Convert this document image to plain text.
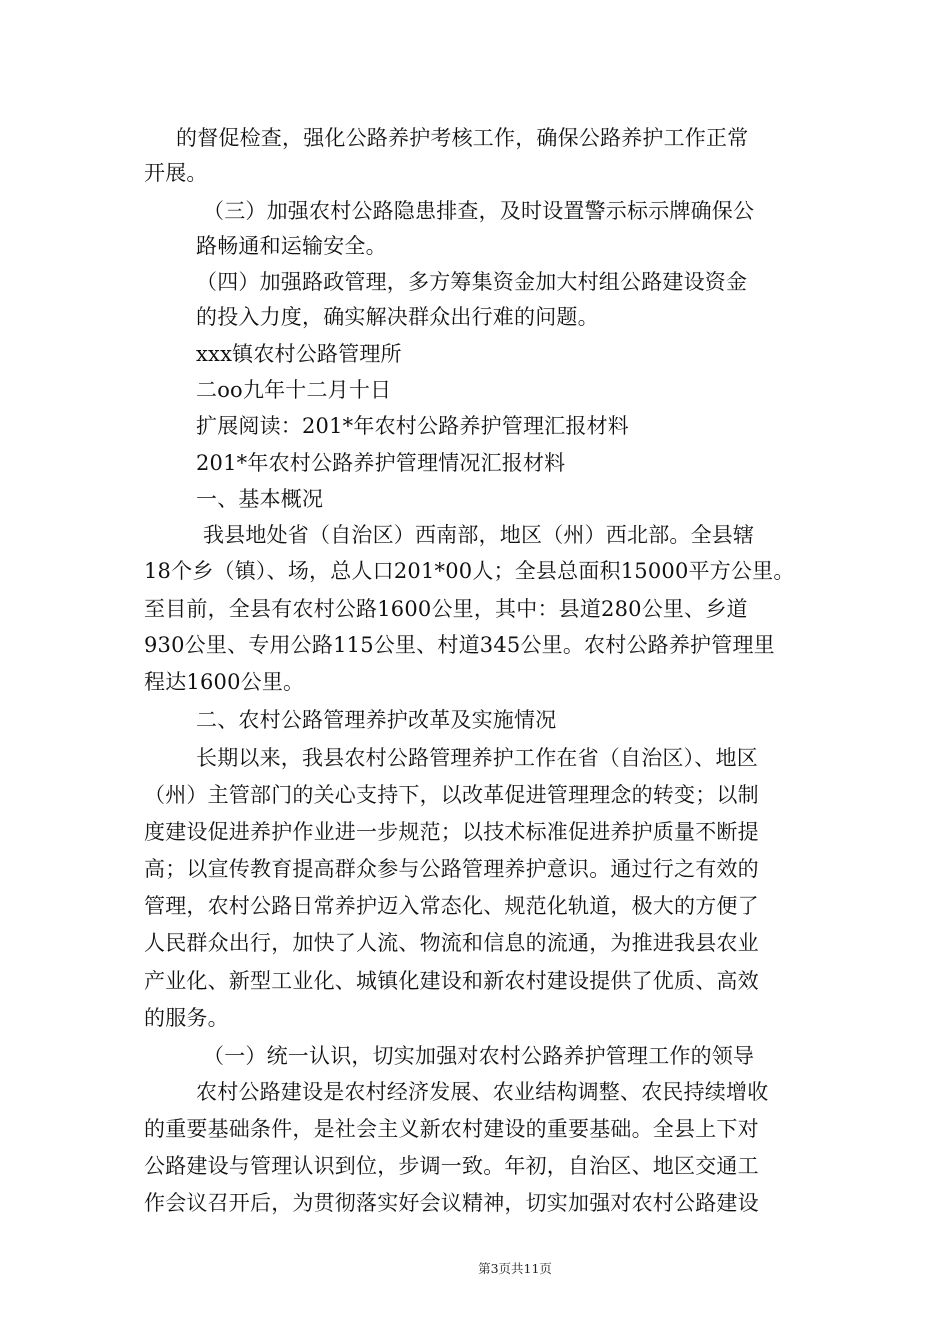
的督促检查，强化公路养护考核工作，确保公路养护工作正常
开展。
（三）加强农村公路隐患排查，及时设置警示标示牌确保公
路畅通和运输安全。
（四）加强路政管理，多方筹集资金加大村组公路建设资金
的投入力度，确实解决群众出行难的问题。
xxx镇农村公路管理所
二oo九年十二月十日
扩展阅读：201*年农村公路养护管理汇报材料
201*年农村公路养护管理情况汇报材料
一、基本概况
我县地处省（自治区）西南部，地区（州）西北部。全县辖
18个乡（镇）、场，总人口201*00人；全县总面积15000平方公里。
至目前，全县有农村公路1600公里，其中：县道280公里、乡道
930公里、专用公路115公里、村道345公里。农村公路养护管理里
程达1600公里。
二、农村公路管理养护改革及实施情况
长期以来，我县农村公路管理养护工作在省（自治区）、地区
（州）主管部门的关心支持下，以改革促进管理理念的转变；以制
度建设促进养护作业进一步规范；以技术标准促进养护质量不断提
高；以宣传教育提高群众参与公路管理养护意识。通过行之有效的
管理，农村公路日常养护迈入常态化、规范化轨道，极大的方便了
人民群众出行，加快了人流、物流和信息的流通，为推进我县农业
产业化、新型工业化、城镇化建设和新农村建设提供了优质、高效
的服务。
（一）统一认识，切实加强对农村公路养护管理工作的领导
农村公路建设是农村经济发展、农业结构调整、农民持续增收
的重要基础条件，是社会主义新农村建设的重要基础。全县上下对
公路建设与管理认识到位，步调一致。年初，自治区、地区交通工
作会议召开后，为贯彻落实好会议精神，切实加强对农村公路建设
第3页共11页
